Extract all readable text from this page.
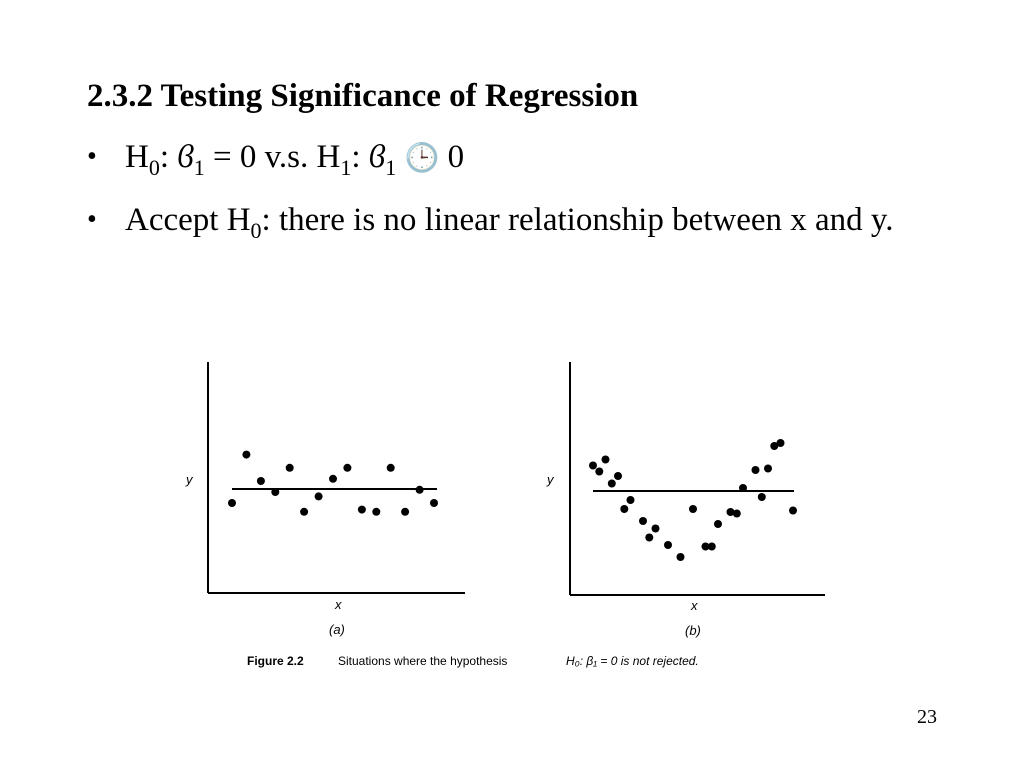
2.3.2 Testing Significance of Regression
• $H_0$: $ϐ_1 = 0$ v.s. $H_1$: $ϐ_1$ 🕒 0
• Accept $H_0$: there is no linear relationship between x and y.
y
x
(a)
y
x
(b)
Figure 2.2	Situations where the hypothesis	H₀: β₁ = 0 is not rejected.
23
